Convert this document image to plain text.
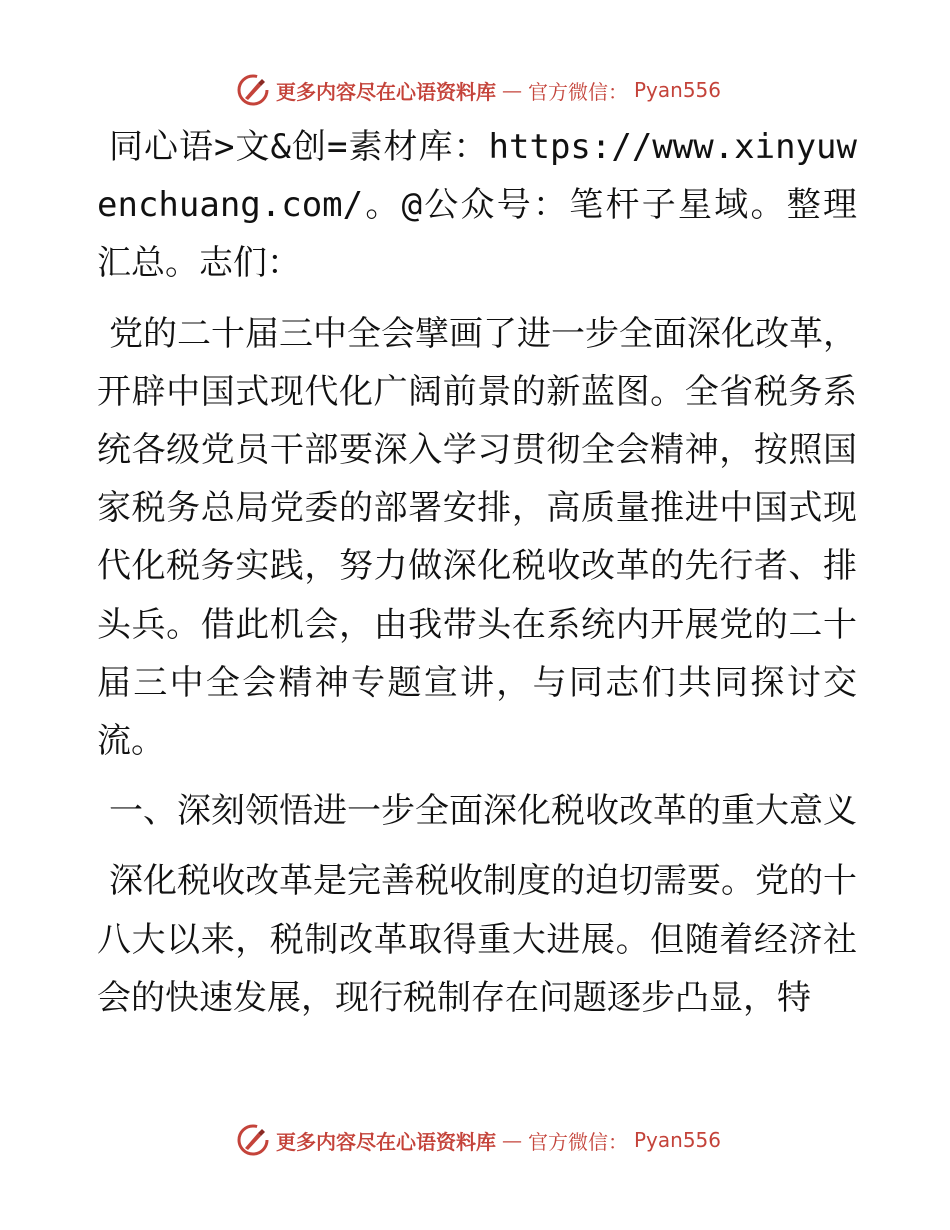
更多内容尽在心语资料库 — 官方微信： Pyan556

同心语>文&创=素材库：https://www.xinyuwenchuang.com/。@公众号：笔杆子星域。整理汇总。志们：

党的二十届三中全会擘画了进一步全面深化改革，开辟中国式现代化广阔前景的新蓝图。全省税务系统各级党员干部要深入学习贯彻全会精神，按照国家税务总局党委的部署安排，高质量推进中国式现代化税务实践，努力做深化税收改革的先行者、排头兵。借此机会，由我带头在系统内开展党的二十届三中全会精神专题宣讲，与同志们共同探讨交流。

一、深刻领悟进一步全面深化税收改革的重大意义

深化税收改革是完善税收制度的迫切需要。党的十八大以来，税制改革取得重大进展。但随着经济社会的快速发展，现行税制存在问题逐步凸显，特

更多内容尽在心语资料库 — 官方微信： Pyan556
